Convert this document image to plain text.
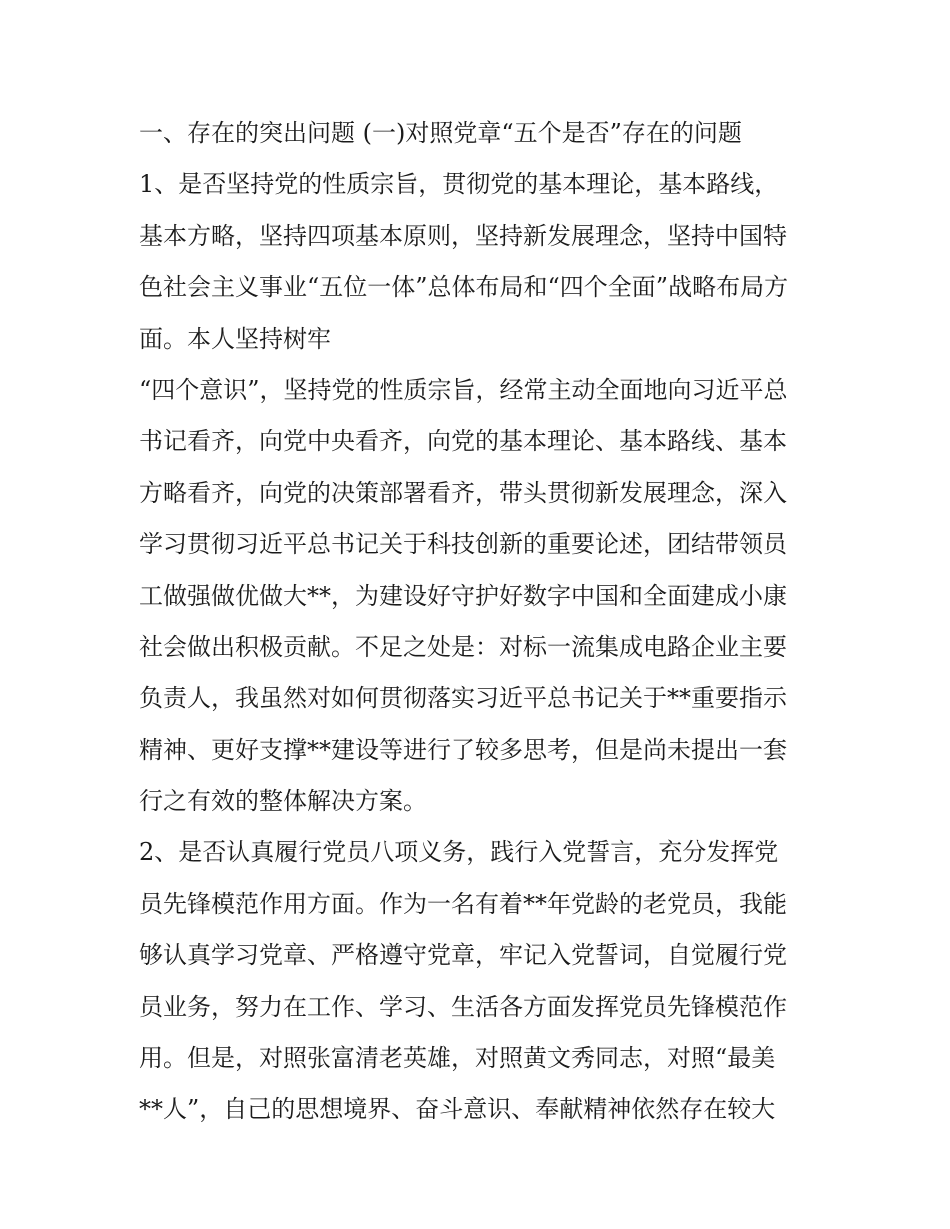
一、存在的突出问题 (一)对照党章“五个是否”存在的问题
1、是否坚持党的性质宗旨，贯彻党的基本理论，基本路线，
基本方略，坚持四项基本原则，坚持新发展理念，坚持中国特
色社会主义事业“五位一体”总体布局和“四个全面”战略布局方
面。本人坚持树牢
“四个意识”，坚持党的性质宗旨，经常主动全面地向习近平总
书记看齐，向党中央看齐，向党的基本理论、基本路线、基本
方略看齐，向党的决策部署看齐，带头贯彻新发展理念，深入
学习贯彻习近平总书记关于科技创新的重要论述，团结带领员
工做强做优做大**，为建设好守护好数字中国和全面建成小康
社会做出积极贡献。不足之处是：对标一流集成电路企业主要
负责人，我虽然对如何贯彻落实习近平总书记关于**重要指示
精神、更好支撑**建设等进行了较多思考，但是尚未提出一套
行之有效的整体解决方案。
2、是否认真履行党员八项义务，践行入党誓言，充分发挥党
员先锋模范作用方面。作为一名有着**年党龄的老党员，我能
够认真学习党章、严格遵守党章，牢记入党誓词，自觉履行党
员业务，努力在工作、学习、生活各方面发挥党员先锋模范作
用。但是，对照张富清老英雄，对照黄文秀同志，对照“最美
**人”，自己的思想境界、奋斗意识、奉献精神依然存在较大
